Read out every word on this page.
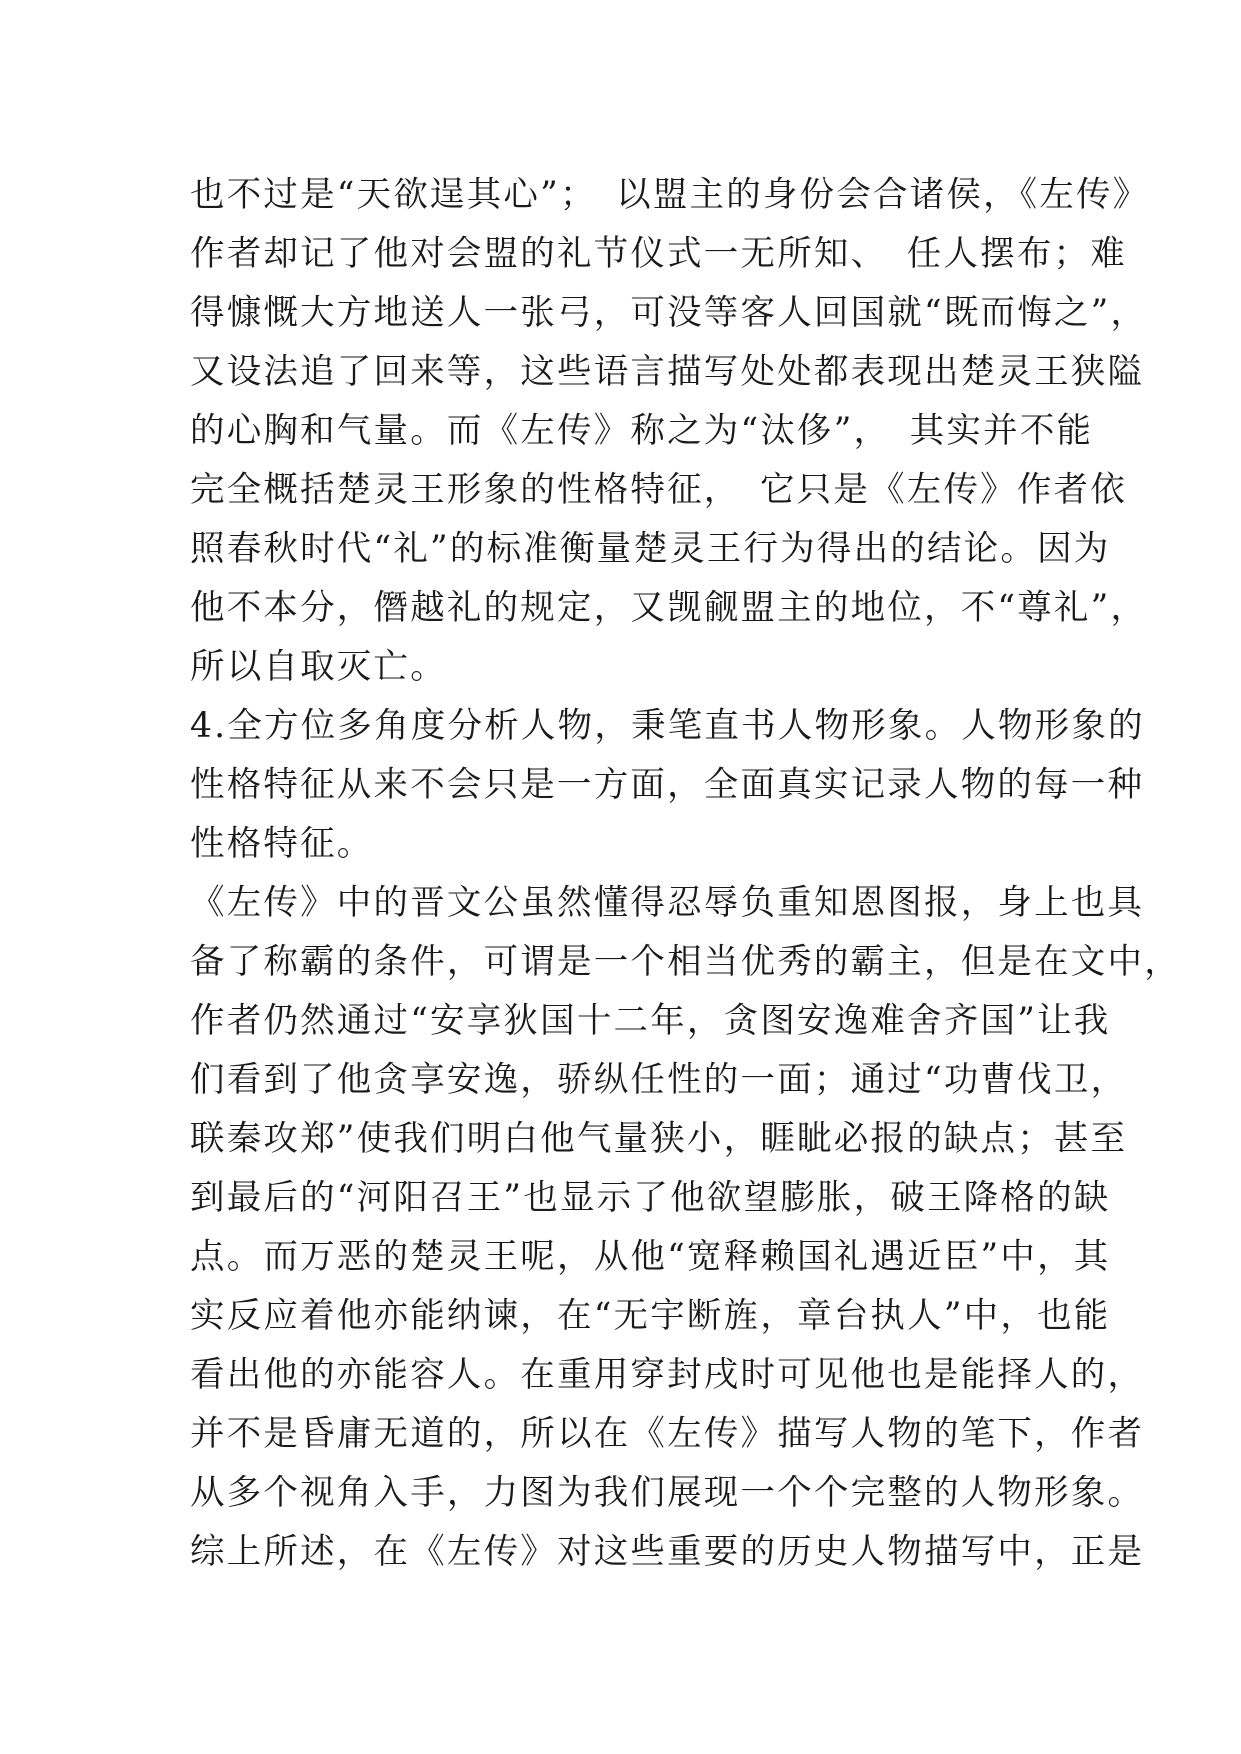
也不过是“天欲逞其心”；　以盟主的身份会合诸侯，《左传》
作者却记了他对会盟的礼节仪式一无所知、　任人摆布；难
得慷慨大方地送人一张弓，可没等客人回国就“既而悔之”，
又设法追了回来等，这些语言描写处处都表现出楚灵王狭隘
的心胸和气量。而《左传》称之为“汰侈”，　其实并不能
完全概括楚灵王形象的性格特征，　它只是《左传》作者依
照春秋时代“礼”的标准衡量楚灵王行为得出的结论。因为
他不本分，僭越礼的规定，又觊觎盟主的地位，不“尊礼”，
所以自取灭亡。
4.全方位多角度分析人物，秉笔直书人物形象。人物形象的
性格特征从来不会只是一方面，全面真实记录人物的每一种
性格特征。
《左传》中的晋文公虽然懂得忍辱负重知恩图报，身上也具
备了称霸的条件，可谓是一个相当优秀的霸主，但是在文中，
作者仍然通过“安享狄国十二年，贪图安逸难舍齐国”让我
们看到了他贪享安逸，骄纵任性的一面；通过“功曹伐卫，
联秦攻郑”使我们明白他气量狭小，睚眦必报的缺点；甚至
到最后的“河阳召王”也显示了他欲望膨胀，破王降格的缺
点。而万恶的楚灵王呢，从他“宽释赖国礼遇近臣”中，其
实反应着他亦能纳谏，在“无宇断旌，章台执人”中，也能
看出他的亦能容人。在重用穿封戌时可见他也是能择人的，
并不是昏庸无道的，所以在《左传》描写人物的笔下，作者
从多个视角入手，力图为我们展现一个个完整的人物形象。
综上所述，在《左传》对这些重要的历史人物描写中，正是
